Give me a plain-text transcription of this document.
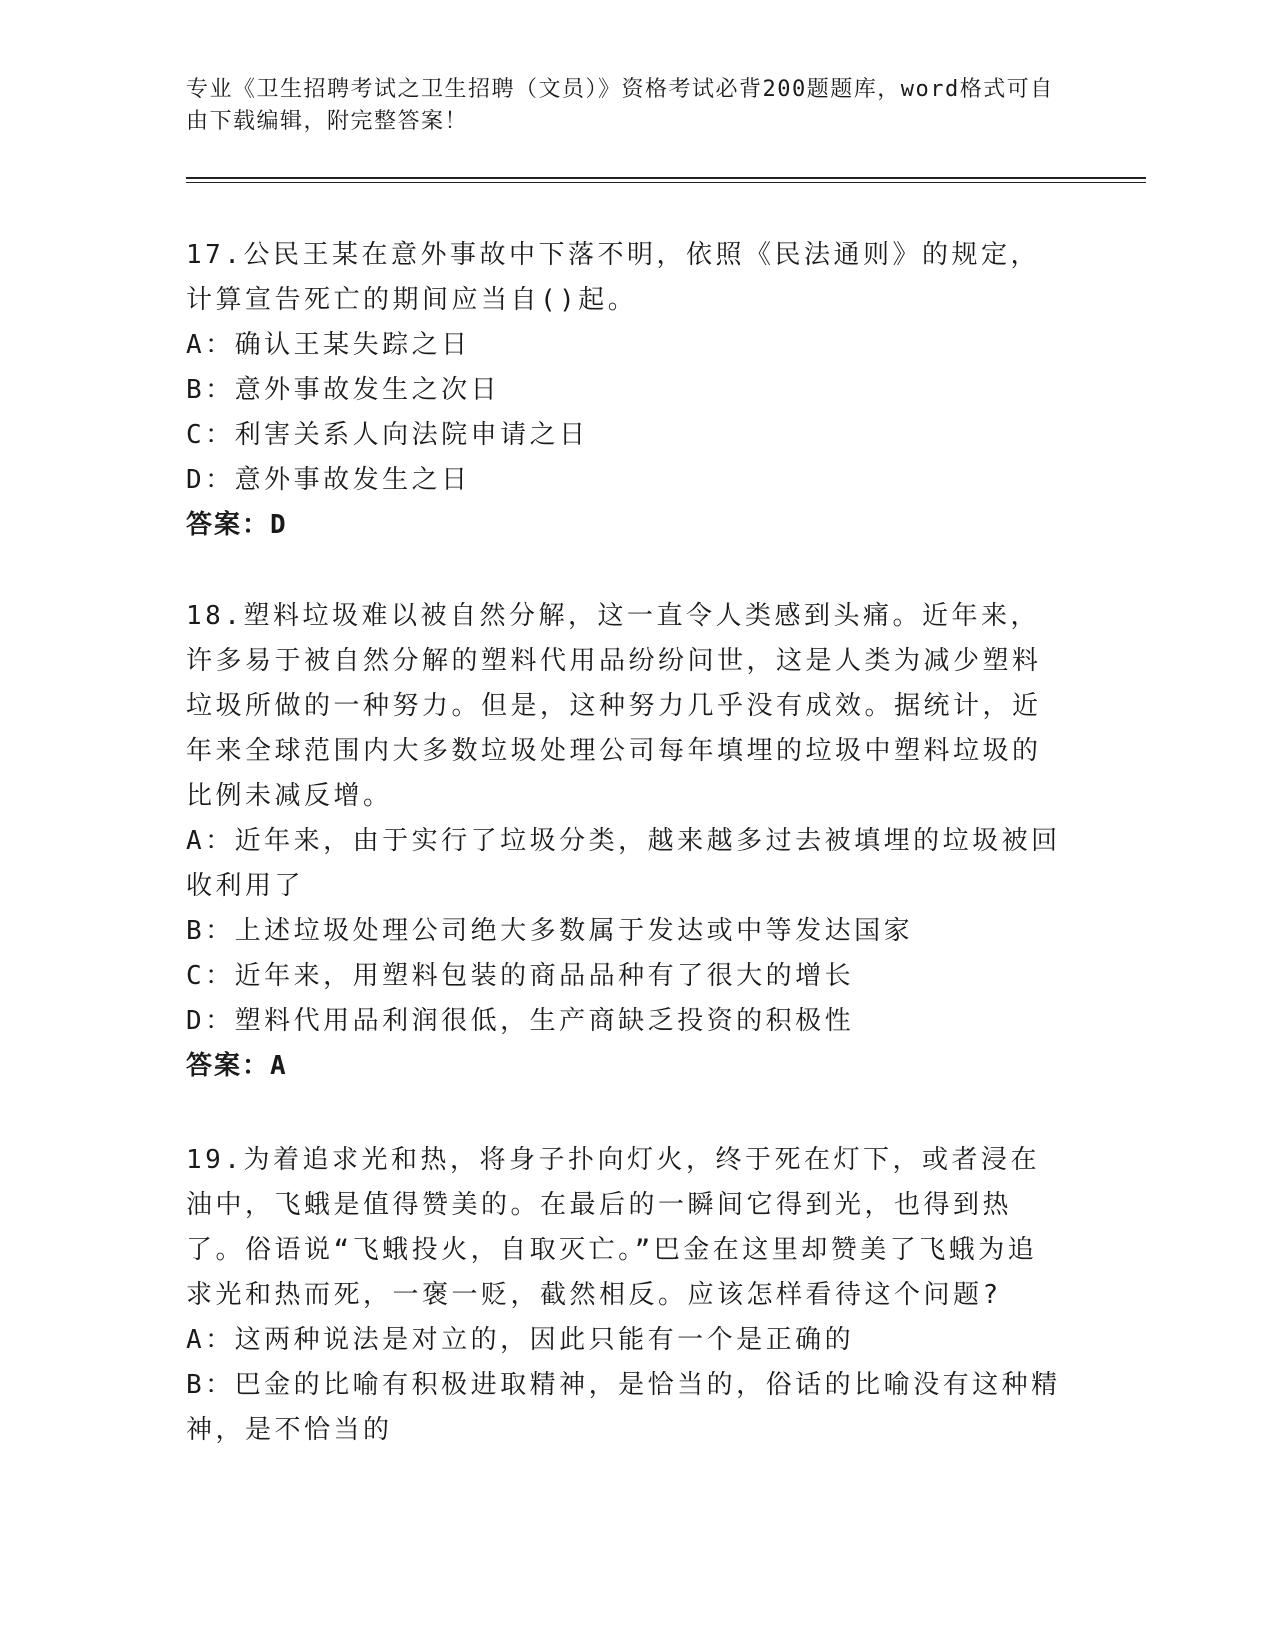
专业《卫生招聘考试之卫生招聘（文员）》资格考试必背200题题库，word格式可自由下载编辑，附完整答案！

17.公民王某在意外事故中下落不明，依照《民法通则》的规定，计算宣告死亡的期间应当自()起。

A：确认王某失踪之日

B：意外事故发生之次日

C：利害关系人向法院申请之日

D：意外事故发生之日

答案：D

18.塑料垃圾难以被自然分解，这一直令人类感到头痛。近年来，许多易于被自然分解的塑料代用品纷纷问世，这是人类为减少塑料垃圾所做的一种努力。但是，这种努力几乎没有成效。据统计，近年来全球范围内大多数垃圾处理公司每年填埋的垃圾中塑料垃圾的比例未减反增。

A：近年来，由于实行了垃圾分类，越来越多过去被填埋的垃圾被回收利用了

B：上述垃圾处理公司绝大多数属于发达或中等发达国家

C：近年来，用塑料包装的商品品种有了很大的增长

D：塑料代用品利润很低，生产商缺乏投资的积极性

答案：A

19.为着追求光和热，将身子扑向灯火，终于死在灯下，或者浸在油中，飞蛾是值得赞美的。在最后的一瞬间它得到光，也得到热了。俗语说“飞蛾投火，自取灭亡。”巴金在这里却赞美了飞蛾为追求光和热而死，一褒一贬，截然相反。应该怎样看待这个问题?

A：这两种说法是对立的，因此只能有一个是正确的

B：巴金的比喻有积极进取精神，是恰当的，俗话的比喻没有这种精神，是不恰当的
